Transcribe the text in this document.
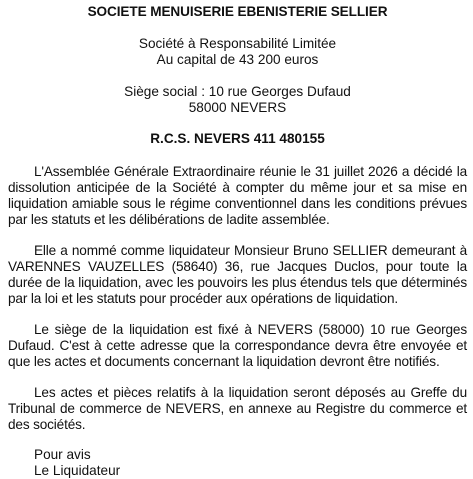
SOCIETE MENUISERIE EBENISTERIE SELLIER

Société à Responsabilité Limitée
Au capital de 43 200 euros
Siège social : 10 rue Georges Dufaud
58000 NEVERS

R.C.S. NEVERS 411 480155

L'Assemblée Générale Extraordinaire réunie le 31 juillet 2026 a décidé la dissolution anticipée de la Société à compter du même jour et sa mise en liquidation amiable sous le régime conventionnel dans les conditions prévues par les statuts et les délibérations de ladite assemblée.

Elle a nommé comme liquidateur Monsieur Bruno SELLIER demeurant à VARENNES VAUZELLES (58640) 36, rue Jacques Duclos, pour toute la durée de la liquidation, avec les pouvoirs les plus étendus tels que déterminés par la loi et les statuts pour procéder aux opérations de liquidation.

Le siège de la liquidation est fixé à NEVERS (58000) 10 rue Georges Dufaud. C'est à cette adresse que la correspondance devra être envoyée et que les actes et documents concernant la liquidation devront être notifiés.

Les actes et pièces relatifs à la liquidation seront déposés au Greffe du Tribunal de commerce de NEVERS, en annexe au Registre du commerce et des sociétés.

Pour avis
Le Liquidateur
